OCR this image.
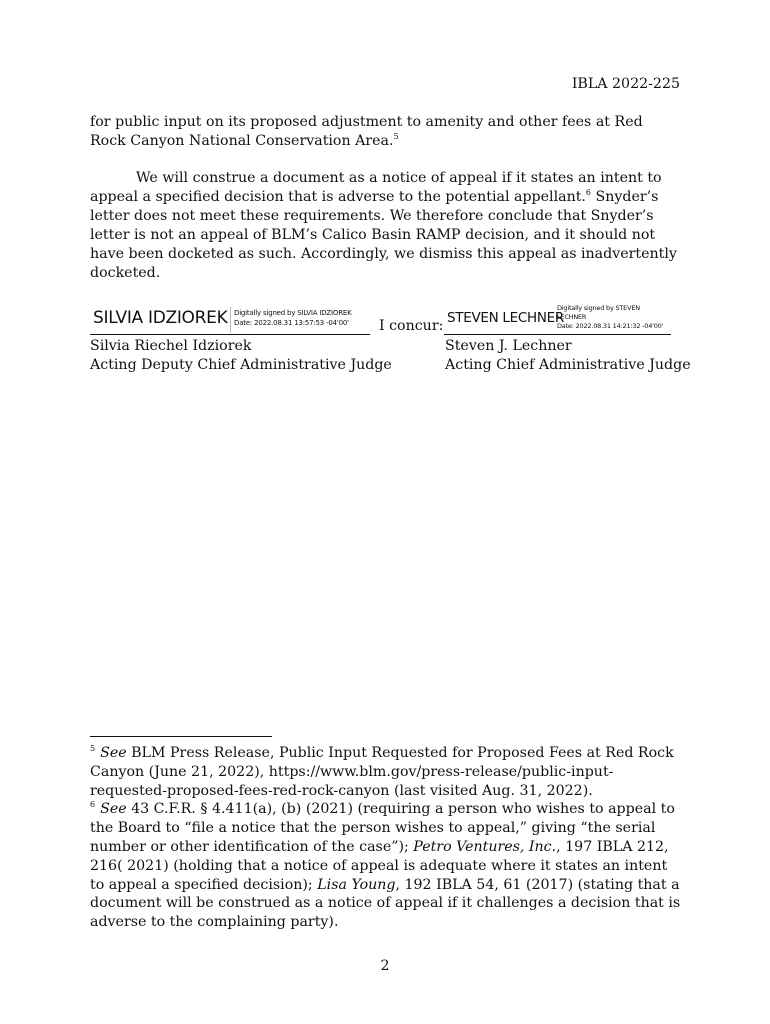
IBLA 2022-225

for public input on its proposed adjustment to amenity and other fees at Red Rock Canyon National Conservation Area.$^5$

We will construe a document as a notice of appeal if it states an intent to appeal a specified decision that is adverse to the potential appellant.$^6$ Snyder’s letter does not meet these requirements. We therefore conclude that Snyder’s letter is not an appeal of BLM’s Calico Basin RAMP decision, and it should not have been docketed as such. Accordingly, we dismiss this appeal as inadvertently docketed.

SILVIA IDZIOREK Digitally signed by SILVIA IDZIOREK
Date: 2022.08.31 13:57:53 -04'00'
Silvia Riechel Idziorek
Acting Deputy Chief Administrative Judge
I concur: STEVEN LECHNER
Digitally signed by STEVEN
LECHNER
Date: 2022.08.31 14:21:32 -04'00'
Steven J. Lechner
Acting Chief Administrative Judge

$^5$ See BLM Press Release, Public Input Requested for Proposed Fees at Red Rock Canyon (June 21, 2022), https://www.blm.gov/press-release/public-input-requested-proposed-fees-red-rock-canyon (last visited Aug. 31, 2022).

$^6$ See 43 C.F.R. § 4.411(a), (b) (2021) (requiring a person who wishes to appeal to the Board to “file a notice that the person wishes to appeal,” giving “the serial number or other identification of the case”); Petro Ventures, Inc., 197 IBLA 212, 216( 2021) (holding that a notice of appeal is adequate where it states an intent to appeal a specified decision); Lisa Young, 192 IBLA 54, 61 (2017) (stating that a document will be construed as a notice of appeal if it challenges a decision that is adverse to the complaining party).

2
